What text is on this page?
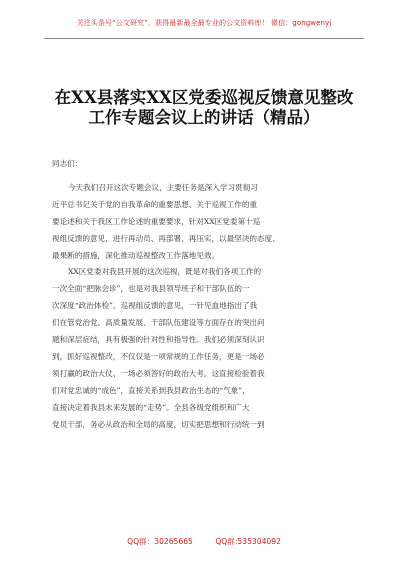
关注头条号“公文研究”，获得最新最全最专业的公文资料库！ 微信：gongwenyj
在XX县落实XX区党委巡视反馈意见整改
工作专题会议上的讲话（精品）

同志们：

今天我们召开这次专题会议，主要任务是深入学习贯彻习
近平总书记关于党的自我革命的重要思想、关于巡视工作的重
要论述和关于我区工作论述的重要要求，针对XX区党委第十巡
视组反馈的意见，进行再动员、再部署、再压实，以最坚决的态度、
最果断的措施，深化推动巡视整改工作落地见效。

XX区党委对我县开展的这次巡视，既是对我们各项工作的
一次全面“把脉会诊”，也是对我县领导班子和干部队伍的一
次深度“政治体检”。巡视组反馈的意见，一针见血地指出了我
们在管党治党、高质量发展、干部队伍建设等方面存在的突出问
题和深层症结，具有极强的针对性和指导性。我们必须深刻认识
到，抓好巡视整改，不仅仅是一项常规的工作任务，更是一场必
须打赢的政治大仗、一场必须答好的政治大考。这直接检验着我
们对党忠诚的“成色”，直接关系到我县政治生态的“气象”，
直接决定着我县未来发展的“走势”。全县各级党组织和广大
党员干部，务必从政治和全局的高度，切实把思想和行动统一到

QQ群：30265665	QQ群:535304092
